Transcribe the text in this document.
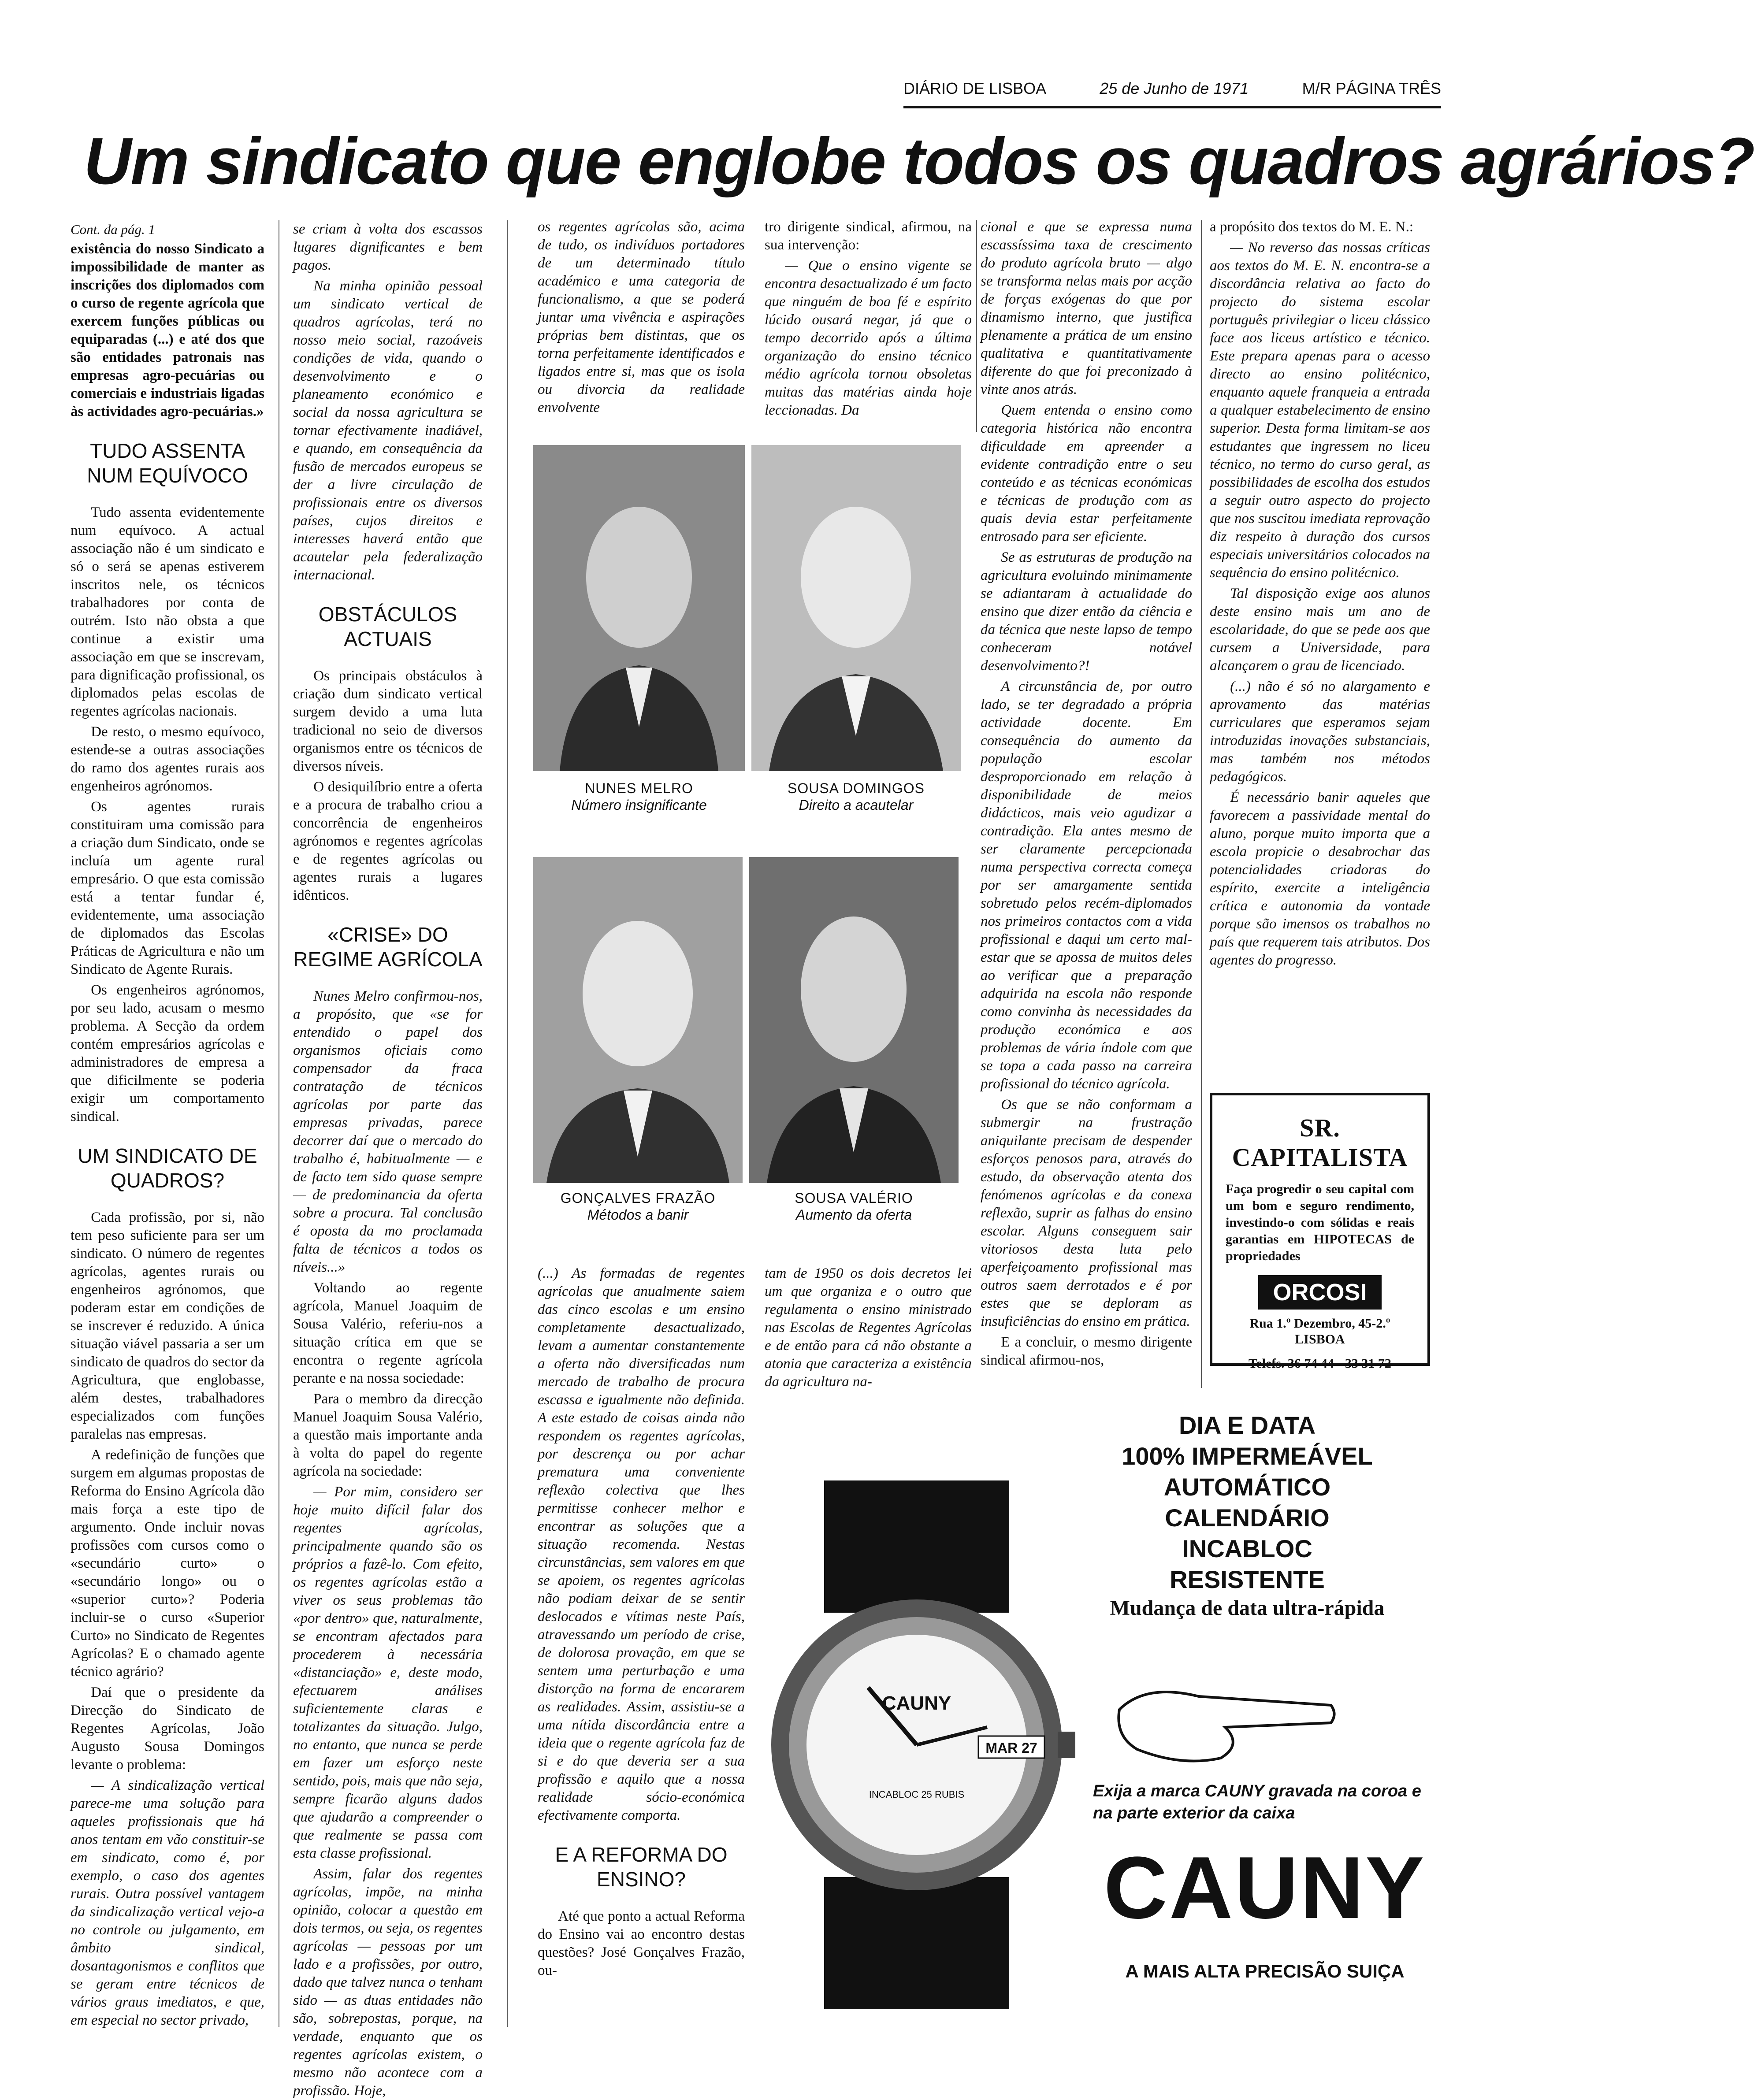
DIÁRIO DE LISBOA	25 de Junho de 1971	M/R PÁGINA TRÊS
Um sindicato que englobe todos os quadros agrários?

Cont. da pág. 1

existência do nosso Sindicato a impossibilidade de manter as inscrições dos diplomados com o curso de regente agrícola que exercem funções públicas ou equiparadas (...) e até dos que são entidades patronais nas empresas agro-pecuárias ou comerciais e industriais ligadas às actividades agro-pecuárias.»

TUDO ASSENTA NUM EQUÍVOCO

Tudo assenta evidentemente num equívoco. A actual associação não é um sindicato e só o será se apenas estiverem inscritos nele, os técnicos trabalhadores por conta de outrém. Isto não obsta a que continue a existir uma associação em que se inscrevam, para dignificação profissional, os diplomados pelas escolas de regentes agrícolas nacionais.

De resto, o mesmo equívoco, estende-se a outras associações do ramo dos agentes rurais aos engenheiros agrónomos.

Os agentes rurais constituiram uma comissão para a criação dum Sindicato, onde se incluía um agente rural empresário. O que esta comissão está a tentar fundar é, evidentemente, uma associação de diplomados das Escolas Práticas de Agricultura e não um Sindicato de Agente Rurais.

Os engenheiros agrónomos, por seu lado, acusam o mesmo problema. A Secção da ordem contém empresários agrícolas e administradores de empresa a que dificilmente se poderia exigir um comportamento sindical.

UM SINDICATO DE QUADROS?

Cada profissão, por si, não tem peso suficiente para ser um sindicato. O número de regentes agrícolas, agentes rurais ou engenheiros agrónomos, que poderam estar em condições de se inscrever é reduzido. A única situação viável passaria a ser um sindicato de quadros do sector da Agricultura, que englobasse, além destes, trabalhadores especializados com funções paralelas nas empresas.

A redefinição de funções que surgem em algumas propostas de Reforma do Ensino Agrícola dão mais força a este tipo de argumento. Onde incluir novas profissões com cursos como o «secundário curto» o «secundário longo» ou o «superior curto»? Poderia incluir-se o curso «Superior Curto» no Sindicato de Regentes Agrícolas? E o chamado agente técnico agrário?

Daí que o presidente da Direcção do Sindicato de Regentes Agrícolas, João Augusto Sousa Domingos levante o problema:

— A sindicalização vertical parece-me uma solução para aqueles profissionais que há anos tentam em vão constituir-se em sindicato, como é, por exemplo, o caso dos agentes rurais. Outra possível vantagem da sindicalização vertical vejo-a no controle ou julgamento, em âmbito sindical, dosantagonismos e conflitos que se geram entre técnicos de vários graus imediatos, e que, em especial no sector privado,

se criam à volta dos escassos lugares dignificantes e bem pagos.

Na minha opinião pessoal um sindicato vertical de quadros agrícolas, terá no nosso meio social, razoáveis condições de vida, quando o desenvolvimento e o planeamento económico e social da nossa agricultura se tornar efectivamente inadiável, e quando, em consequência da fusão de mercados europeus se der a livre circulação de profissionais entre os diversos países, cujos direitos e interesses haverá então que acautelar pela federalização internacional.

OBSTÁCULOS ACTUAIS

Os principais obstáculos à criação dum sindicato vertical surgem devido a uma luta tradicional no seio de diversos organismos entre os técnicos de diversos níveis.

O desiquilíbrio entre a oferta e a procura de trabalho criou a concorrência de engenheiros agrónomos e regentes agrícolas e de regentes agrícolas ou agentes rurais a lugares idênticos.

«CRISE» DO REGIME AGRÍCOLA

Nunes Melro confirmou-nos, a propósito, que «se for entendido o papel dos organismos oficiais como compensador da fraca contratação de técnicos agrícolas por parte das empresas privadas, parece decorrer daí que o mercado do trabalho é, habitualmente — e de facto tem sido quase sempre — de predominancia da oferta sobre a procura. Tal conclusão é oposta da mo proclamada falta de técnicos a todos os níveis...»

Voltando ao regente agrícola, Manuel Joaquim de Sousa Valério, referiu-nos a situação crítica em que se encontra o regente agrícola perante e na nossa sociedade:

Para o membro da direcção Manuel Joaquim Sousa Valério, a questão mais importante anda à volta do papel do regente agrícola na sociedade:

— Por mim, considero ser hoje muito difícil falar dos regentes agrícolas, principalmente quando são os próprios a fazê-lo. Com efeito, os regentes agrícolas estão a viver os seus problemas tão «por dentro» que, naturalmente, se encontram afectados para procederem à necessária «distanciação» e, deste modo, efectuarem análises suficientemente claras e totalizantes da situação. Julgo, no entanto, que nunca se perde em fazer um esforço neste sentido, pois, mais que não seja, sempre ficarão alguns dados que ajudarão a compreender o que realmente se passa com esta classe profissional.

Assim, falar dos regentes agrícolas, impõe, na minha opinião, colocar a questão em dois termos, ou seja, os regentes agrícolas — pessoas por um lado e a profissões, por outro, dado que talvez nunca o tenham sido — as duas entidades não são, sobrepostas, porque, na verdade, enquanto que os regentes agrícolas existem, o mesmo não acontece com a profissão. Hoje,

os regentes agrícolas são, acima de tudo, os indivíduos portadores de um determinado título académico e uma categoria de funcionalismo, a que se poderá juntar uma vivência e aspirações próprias bem distintas, que os torna perfeitamente identificados e ligados entre si, mas que os isola ou divorcia da realidade envolvente

tro dirigente sindical, afirmou, na sua intervenção:

— Que o ensino vigente se encontra desactualizado é um facto que ninguém de boa fé e espírito lúcido ousará negar, já que o tempo decorrido após a última organização do ensino técnico médio agrícola tornou obsoletas muitas das matérias ainda hoje leccionadas. Da

NUNES MELRO
Número insignificante
SOUSA DOMINGOS
Direito a acautelar
GONÇALVES FRAZÃO
Métodos a banir
SOUSA VALÉRIO
Aumento da oferta

(...) As formadas de regentes agrícolas que anualmente saiem das cinco escolas e um ensino completamente desactualizado, levam a aumentar constantemente a oferta não diversificadas num mercado de trabalho de procura escassa e igualmente não definida. A este estado de coisas ainda não respondem os regentes agrícolas, por descrença ou por achar prematura uma conveniente reflexão colectiva que lhes permitisse conhecer melhor e encontrar as soluções que a situação recomenda. Nestas circunstâncias, sem valores em que se apoiem, os regentes agrícolas não podiam deixar de se sentir deslocados e vítimas neste País, atravessando um período de crise, de dolorosa provação, em que se sentem uma perturbação e uma distorção na forma de encararem as realidades. Assim, assistiu-se a uma nítida discordância entre a ideia que o regente agrícola faz de si e do que deveria ser a sua profissão e aquilo que a nossa realidade sócio-económica efectivamente comporta.

E A REFORMA DO ENSINO?

Até que ponto a actual Reforma do Ensino vai ao encontro destas questões? José Gonçalves Frazão, ou-

tam de 1950 os dois decretos lei um que organiza e o outro que regulamenta o ensino ministrado nas Escolas de Regentes Agrícolas e de então para cá não obstante a atonia que caracteriza a existência da agricultura na-

cional e que se expressa numa escassíssima taxa de crescimento do produto agrícola bruto — algo se transforma nelas mais por acção de forças exógenas do que por dinamismo interno, que justifica plenamente a prática de um ensino qualitativa e quantitativamente diferente do que foi preconizado à vinte anos atrás.

Quem entenda o ensino como categoria histórica não encontra dificuldade em apreender a evidente contradição entre o seu conteúdo e as técnicas económicas e técnicas de produção com as quais devia estar perfeitamente entrosado para ser eficiente.

Se as estruturas de produção na agricultura evoluindo minimamente se adiantaram à actualidade do ensino que dizer então da ciência e da técnica que neste lapso de tempo conheceram notável desenvolvimento?!

A circunstância de, por outro lado, se ter degradado a própria actividade docente. Em consequência do aumento da população escolar desproporcionado em relação à disponibilidade de meios didácticos, mais veio agudizar a contradição. Ela antes mesmo de ser claramente percepcionada numa perspectiva correcta começa por ser amargamente sentida sobretudo pelos recém-diplomados nos primeiros contactos com a vida profissional e daqui um certo mal-estar que se apossa de muitos deles ao verificar que a preparação adquirida na escola não responde como convinha às necessidades da produção económica e aos problemas de vária índole com que se topa a cada passo na carreira profissional do técnico agrícola.

Os que se não conformam a submergir na frustração aniquilante precisam de despender esforços penosos para, através do estudo, da observação atenta dos fenómenos agrícolas e da conexa reflexão, suprir as falhas do ensino escolar. Alguns conseguem sair vitoriosos desta luta pelo aperfeiçoamento profissional mas outros saem derrotados e é por estes que se deploram as insuficiências do ensino em prática.

E a concluir, o mesmo dirigente sindical afirmou-nos,

a propósito dos textos do M. E. N.:

— No reverso das nossas críticas aos textos do M. E. N. encontra-se a discordância relativa ao facto do projecto do sistema escolar português privilegiar o liceu clássico face aos liceus artístico e técnico. Este prepara apenas para o acesso directo ao ensino politécnico, enquanto aquele franqueia a entrada a qualquer estabelecimento de ensino superior. Desta forma limitam-se aos estudantes que ingressem no liceu técnico, no termo do curso geral, as possibilidades de escolha dos estudos a seguir outro aspecto do projecto que nos suscitou imediata reprovação diz respeito à duração dos cursos especiais universitários colocados na sequência do ensino politécnico.

Tal disposição exige aos alunos deste ensino mais um ano de escolaridade, do que se pede aos que cursem a Universidade, para alcançarem o grau de licenciado.

(...) não é só no alargamento e aprovamento das matérias curriculares que esperamos sejam introduzidas inovações substanciais, mas também nos métodos pedagógicos.

É necessário banir aqueles que favorecem a passividade mental do aluno, porque muito importa que a escola propicie o desabrochar das potencialidades criadoras do espírito, exercite a inteligência crítica e autonomia da vontade porque são imensos os trabalhos no país que requerem tais atributos. Dos agentes do progresso.

SR. CAPITALISTA
Faça progredir o seu capital com um bom e seguro rendimento, investindo-o com sólidas e reais garantias em HIPOTECAS de propriedades
ORCOSI
Rua 1.º Dezembro, 45-2.º LISBOA
Telefs. 36 74 44 - 33 31 72
DIA E DATA
100% IMPERMEÁVEL
AUTOMÁTICO
CALENDÁRIO
INCABLOC
RESISTENTE
Mudança de data ultra-rápida
CAUNY
MAR 27
INCABLOC 25 RUBIS	Exija a marca CAUNY gravada na coroa e na parte exterior da caixa
CAUNY
A MAIS ALTA PRECISÃO SUIÇA
